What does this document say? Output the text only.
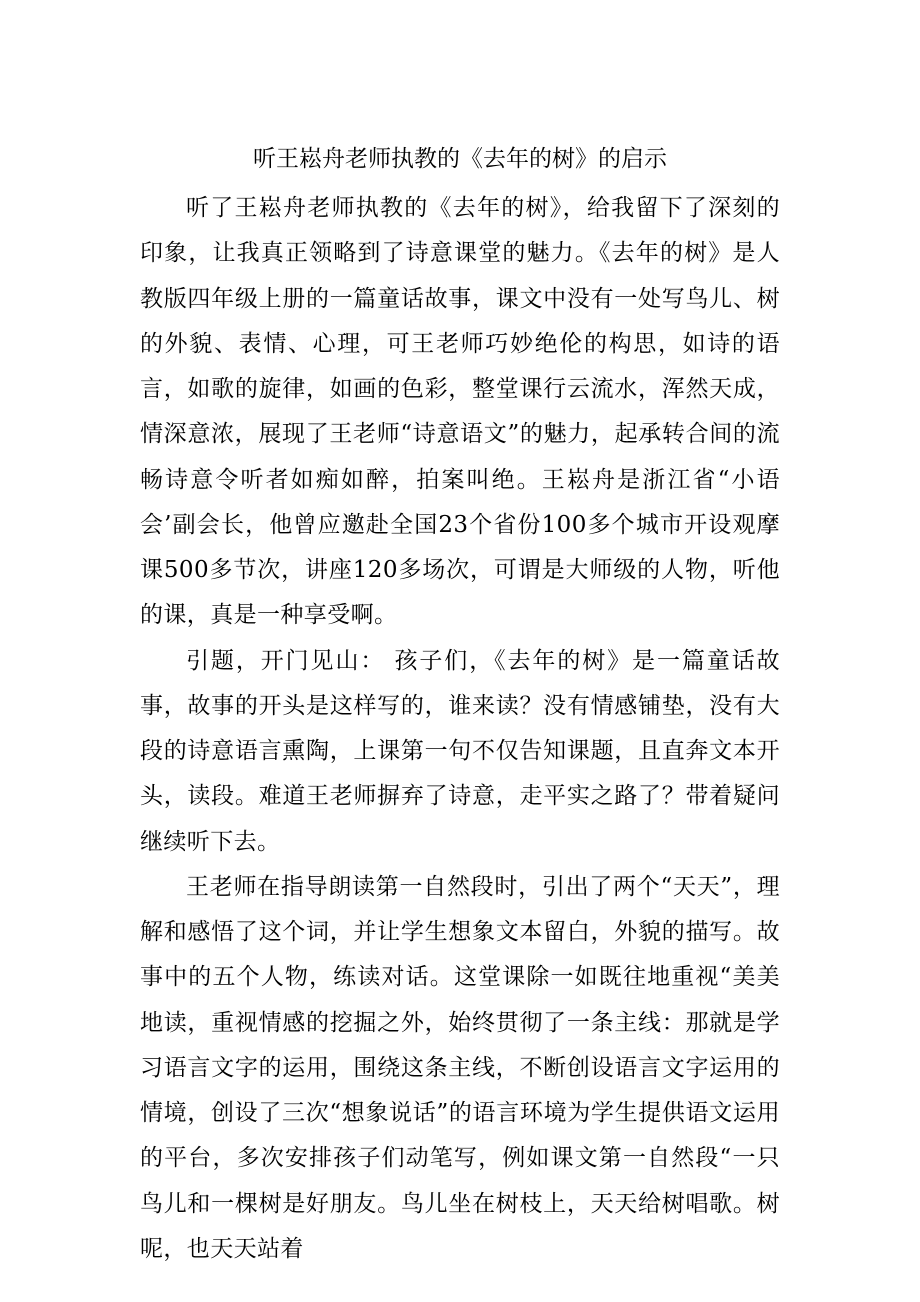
听王崧舟老师执教的《去年的树》的启示

听了王崧舟老师执教的《去年的树》，给我留下了深刻的印象，让我真正领略到了诗意课堂的魅力。《去年的树》是人教版四年级上册的一篇童话故事，课文中没有一处写鸟儿、树的外貌、表情、心理，可王老师巧妙绝伦的构思，如诗的语言，如歌的旋律，如画的色彩，整堂课行云流水，浑然天成，情深意浓，展现了王老师“诗意语文”的魅力，起承转合间的流畅诗意令听者如痴如醉，拍案叫绝。王崧舟是浙江省“小语会’副会长，他曾应邀赴全国23个省份100多个城市开设观摩课500多节次，讲座120多场次，可谓是大师级的人物，听他的课，真是一种享受啊。

引题，开门见山： 孩子们，《去年的树》是一篇童话故事，故事的开头是这样写的，谁来读？没有情感铺垫，没有大段的诗意语言熏陶，上课第一句不仅告知课题，且直奔文本开头，读段。难道王老师摒弃了诗意，走平实之路了？带着疑问继续听下去。

王老师在指导朗读第一自然段时，引出了两个“天天”，理解和感悟了这个词，并让学生想象文本留白，外貌的描写。故事中的五个人物，练读对话。这堂课除一如既往地重视“美美地读，重视情感的挖掘之外，始终贯彻了一条主线：那就是学习语言文字的运用，围绕这条主线，不断创设语言文字运用的情境，创设了三次“想象说话”的语言环境为学生提供语文运用的平台，多次安排孩子们动笔写，例如课文第一自然段“一只鸟儿和一棵树是好朋友。鸟儿坐在树枝上，天天给树唱歌。树呢，也天天站着
